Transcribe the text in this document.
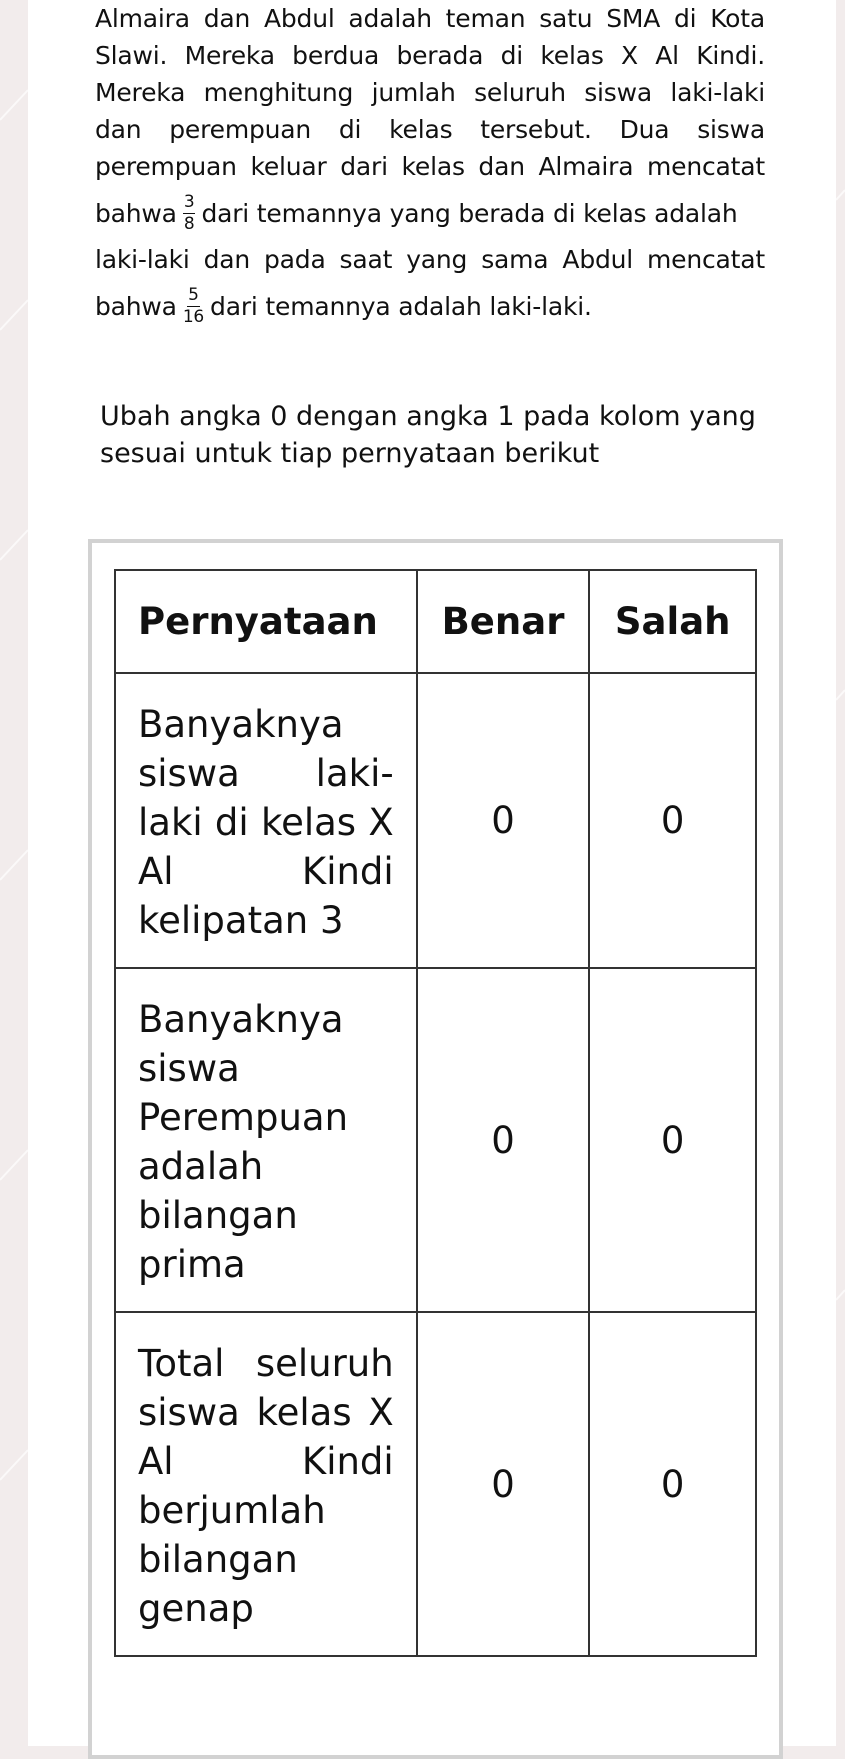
Almaira dan Abdul adalah teman satu SMA di Kota
Slawi. Mereka berdua berada di kelas X Al Kindi.
Mereka menghitung jumlah seluruh siswa laki-laki
dan perempuan di kelas tersebut. Dua siswa
perempuan keluar dari kelas dan Almaira mencatat
bahwa $\frac{3}{8}$ dari temannya yang berada di kelas adalah
laki-laki dan pada saat yang sama Abdul mencatat
bahwa $\frac{5}{16}$ dari temannya adalah laki-laki.
Ubah angka 0 dengan angka 1 pada kolom yang
sesuai untuk tiap pernyataan berikut
Pernyataan	Benar	Salah
Banyaknya siswa laki-laki di kelas X Al Kindi kelipatan 3	0	0
Banyaknya siswa Perempuan adalah bilangan prima	0	0
Total seluruh siswa kelas X Al Kindi berjumlah bilangan genap	0	0
